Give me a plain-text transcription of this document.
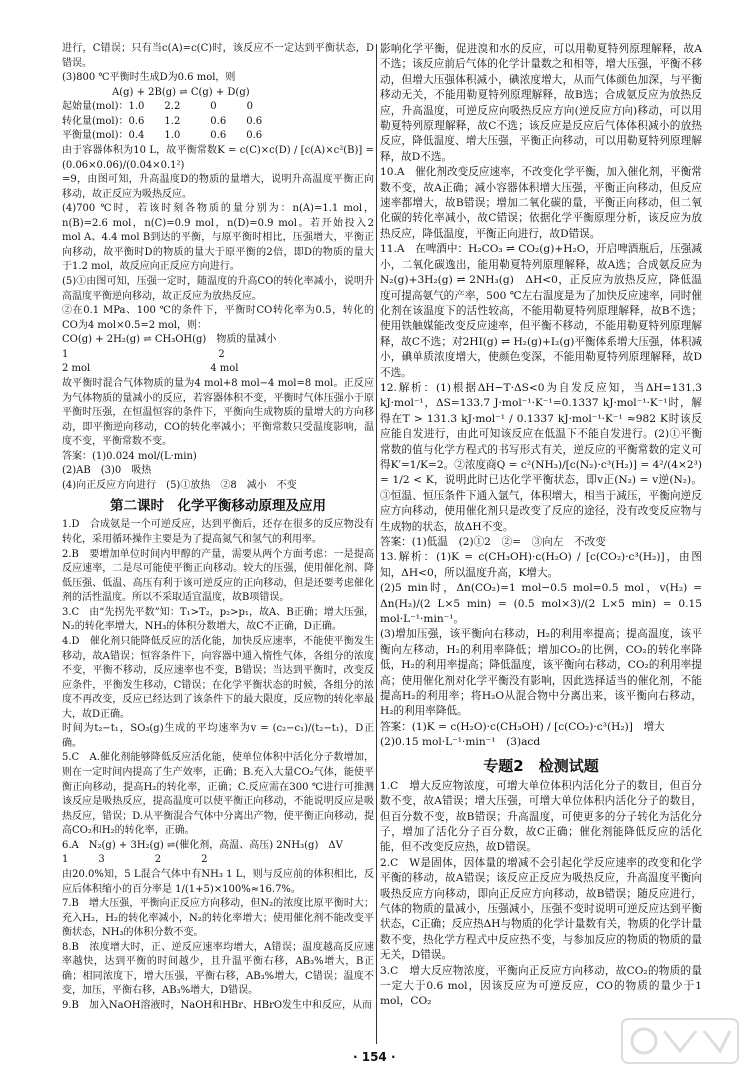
进行，C错误；只有当c(A)=c(C)时，该反应不一定达到平衡状态，D错误。

(3)800 ℃平衡时生成D为0.6 mol，则

　　　　　A(g) + 2B(g) ⇌ C(g) + D(g)

起始量(mol)：1.0　　2.2　　　0　　　0

转化量(mol)：0.6　　1.2　　　0.6　　0.6

平衡量(mol)：0.4　　1.0　　　0.6　　0.6

由于容器体积为10 L，故平衡常数K = c(C)×c(D) / [c(A)×c²(B)] = (0.06×0.06)/(0.04×0.1²)

=9，由图可知，升高温度D的物质的量增大，说明升高温度平衡正向移动，故正反应为吸热反应。

(4)700 ℃时，若该时刻各物质的量分别为：n(A)=1.1 mol，n(B)=2.6 mol，n(C)=0.9 mol，n(D)=0.9 mol。若开始投入2 mol A、4.4 mol B到达的平衡，与原平衡时相比，压强增大，平衡正向移动，故平衡时D的物质的量大于原平衡的2倍，即D的物质的量大于1.2 mol，故反应向正反应方向进行。

(5)①由图可知，压强一定时，随温度的升高CO的转化率减小，说明升高温度平衡逆向移动，故正反应为放热反应。

②在0.1 MPa、100 ℃的条件下，平衡时CO转化率为0.5，转化的CO为4 mol×0.5=2 mol，则：

CO(g) + 2H₂(g) ⇌ CH₃OH(g)　物质的量减小

1　　　　　　　　　　　　　　　2

2 mol　　　　　　　　　　　　4 mol

故平衡时混合气体物质的量为4 mol+8 mol−4 mol=8 mol。正反应为气体物质的量减小的反应，若容器体积不变，平衡时气体压强小于原平衡时压强，在恒温恒容的条件下，平衡向生成物质的量增大的方向移动，即平衡逆向移动，CO的转化率减小；平衡常数只受温度影响，温度不变，平衡常数不变。

答案：(1)0.024 mol/(L·min)

(2)AB　(3)0　吸热

(4)向正反应方向进行　(5)①放热　②8　减小　不变

第二课时　化学平衡移动原理及应用

1.D　合成氨是一个可逆反应，达到平衡后，还存在很多的反应物没有转化，采用循环操作主要是为了提高氮气和氢气的利用率。

2.B　要增加单位时间内甲醇的产量，需要从两个方面考虑：一是提高反应速率，二是尽可能使平衡正向移动。较大的压强，使用催化剂、降低压强、低温、高压有利于该可逆反应的正向移动，但是还要考虑催化剂的活性温度。所以不采取适宜温度，故B项错误。

3.C　由“先拐先平数”知：T₁>T₂，p₂>p₁，故A、B正确；增大压强，N₂的转化率增大，NH₃的体积分数增大，故C不正确，D正确。

4.D　催化剂只能降低反应的活化能，加快反应速率，不能使平衡发生移动，故A错误；恒容条件下，向容器中通入惰性气体，各组分的浓度不变，平衡不移动，反应速率也不变，B错误；当达到平衡时，改变反应条件，平衡发生移动，C错误；在化学平衡状态的时候，各组分的浓度不再改变，反应已经达到了该条件下的最大限度，反应物的转化率最大，故D正确。

时间为t₂−t₁，SO₃(g)生成的平均速率为v = (c₂−c₁)/(t₂−t₁)，D正确。

5.C　A.催化剂能够降低反应活化能，使单位体积中活化分子数增加，则在一定时间内提高了生产效率，正确；B.充入大量CO₂气体，能使平衡正向移动，提高H₂的转化率，正确；C.反应需在300 ℃进行可推测该反应是吸热反应，提高温度可以使平衡正向移动，不能说明反应是吸热反应，错误；D.从平衡混合气体中分离出产物，使平衡正向移动，提高CO₂和H₂的转化率，正确。

6.A　N₂(g) + 3H₂(g) ⇌(催化剂，高温、高压) 2NH₃(g)　ΔV

1　　　3　　　　　2　　　　2

由20.0%知，5 L混合气体中有NH₃ 1 L，则与反应前的体积相比，反应后体积缩小的百分率是 1/(1+5)×100%≈16.7%。

7.B　增大压强，平衡向正反应方向移动，但N₂的浓度比原平衡时大；充入H₂，H₂的转化率减小，N₂的转化率增大；使用催化剂不能改变平衡状态，NH₃的体积分数不变。

8.B　浓度增大时，正、逆反应速率均增大，A错误；温度越高反应速率越快，达到平衡的时间越少，且升温平衡右移，AB₃%增大，B正确；相同浓度下，增大压强，平衡右移，AB₃%增大，C错误；温度不变，加压，平衡右移，AB₃%增大，D错误。

9.B　加入NaOH溶液时，NaOH和HBr、HBrO发生中和反应，从而

影响化学平衡，促进溴和水的反应，可以用勒夏特列原理解释，故A不选；该反应前后气体的化学计量数之和相等，增大压强，平衡不移动，但增大压强体积减小，碘浓度增大，从而气体颜色加深，与平衡移动无关，不能用勒夏特列原理解释，故B选；合成氨反应为放热反应，升高温度，可逆反应向吸热反应方向(逆反应方向)移动，可以用勒夏特列原理解释，故C不选；该反应是反应后气体体积减小的放热反应，降低温度、增大压强，平衡正向移动，可以用勒夏特列原理解释，故D不选。

10.A　催化剂改变反应速率，不改变化学平衡，加入催化剂，平衡常数不变，故A正确；减小容器体积增大压强，平衡正向移动，但反应速率都增大，故B错误；增加二氧化碳的量，平衡正向移动，但二氧化碳的转化率减小，故C错误；依据化学平衡原理分析，该反应为放热反应，降低温度，平衡正向进行，故D错误。

11.A　在啤酒中：H₂CO₃ ⇌ CO₂(g)+H₂O，开启啤酒瓶后，压强减小，二氧化碳逸出，能用勒夏特列原理解释，故A选；合成氨反应为N₂(g)+3H₂(g) ⇌ 2NH₃(g)　ΔH<0，正反应为放热反应，降低温度可提高氨气的产率，500 ℃左右温度是为了加快反应速率，同时催化剂在该温度下的活性较高，不能用勒夏特列原理解释，故B不选；使用铁触媒能改变反应速率，但平衡不移动，不能用勒夏特列原理解释，故C不选；对2HI(g) ⇌ H₂(g)+I₂(g)平衡体系增大压强，体积减小，碘单质浓度增大，使颜色变深，不能用勒夏特列原理解释，故D不选。

12.解析：(1)根据ΔH−T·ΔS<0为自发反应知，当ΔH=131.3 kJ·mol⁻¹，ΔS=133.7 J·mol⁻¹·K⁻¹=0.1337 kJ·mol⁻¹·K⁻¹时，解得在T > 131.3 kJ·mol⁻¹ / 0.1337 kJ·mol⁻¹·K⁻¹ ≈982 K时该反应能自发进行，由此可知该反应在低温下不能自发进行。(2)①平衡常数的值与化学方程式的书写形式有关，逆反应的平衡常数的定义可得K′=1/K=2。②浓度商Q = c²(NH₃)/[c(N₂)·c³(H₂)] = 4²/(4×2³) = 1/2 < K，说明此时已达化学平衡状态，即v正(N₂) = v逆(N₂)。③恒温、恒压条件下通入氩气，体积增大，相当于减压，平衡向逆反应方向移动，使用催化剂只是改变了反应的途径，没有改变反应物与生成物的状态，故ΔH不变。

答案：(1)低温　(2)①2　②=　③向左　不改变

13.解析：(1)K = c(CH₃OH)·c(H₂O) / [c(CO₂)·c³(H₂)]，由图知，ΔH<0，所以温度升高，K增大。

(2)5 min时，Δn(CO₂)=1 mol−0.5 mol=0.5 mol，v(H₂) = Δn(H₂)/(2 L×5 min) = (0.5 mol×3)/(2 L×5 min) = 0.15 mol·L⁻¹·min⁻¹。

(3)增加压强，该平衡向右移动，H₂的利用率提高；提高温度，该平衡向左移动，H₂的利用率降低；增加CO₂的比例，CO₂的转化率降低，H₂的利用率提高；降低温度，该平衡向右移动，CO₂的利用率提高；使用催化剂对化学平衡没有影响，因此选择适当的催化剂，不能提高H₂的利用率；将H₂O从混合物中分离出来，该平衡向右移动，H₂的利用率降低。

答案：(1)K = c(H₂O)·c(CH₃OH) / [c(CO₂)·c³(H₂)]　增大

(2)0.15 mol·L⁻¹·min⁻¹　(3)acd

专题2　检测试题

1.C　增大反应物浓度，可增大单位体积内活化分子的数目，但百分数不变，故A错误；增大压强，可增大单位体积内活化分子的数目，但百分数不变，故B错误；升高温度，可使更多的分子转化为活化分子，增加了活化分子百分数，故C正确；催化剂能降低反应的活化能，但不改变反应热，故D错误。

2.C　W是固体，因体量的增减不会引起化学反应速率的改变和化学平衡的移动，故A错误；该反应正反应为吸热反应，升高温度平衡向吸热反应方向移动，即向正反应方向移动，故B错误；随反应进行，气体的物质的量减小，压强减小，压强不变时说明可逆反应达到平衡状态，C正确；反应热ΔH与物质的化学计量数有关，物质的化学计量数不变，热化学方程式中反应热不变，与参加反应的物质的物质的量无关，D错误。

3.C　增大反应物浓度，平衡向正反应方向移动，故CO₂的物质的量一定大于0.6 mol，因该反应为可逆反应，CO的物质的量少于1 mol，CO₂

· 154 ·
